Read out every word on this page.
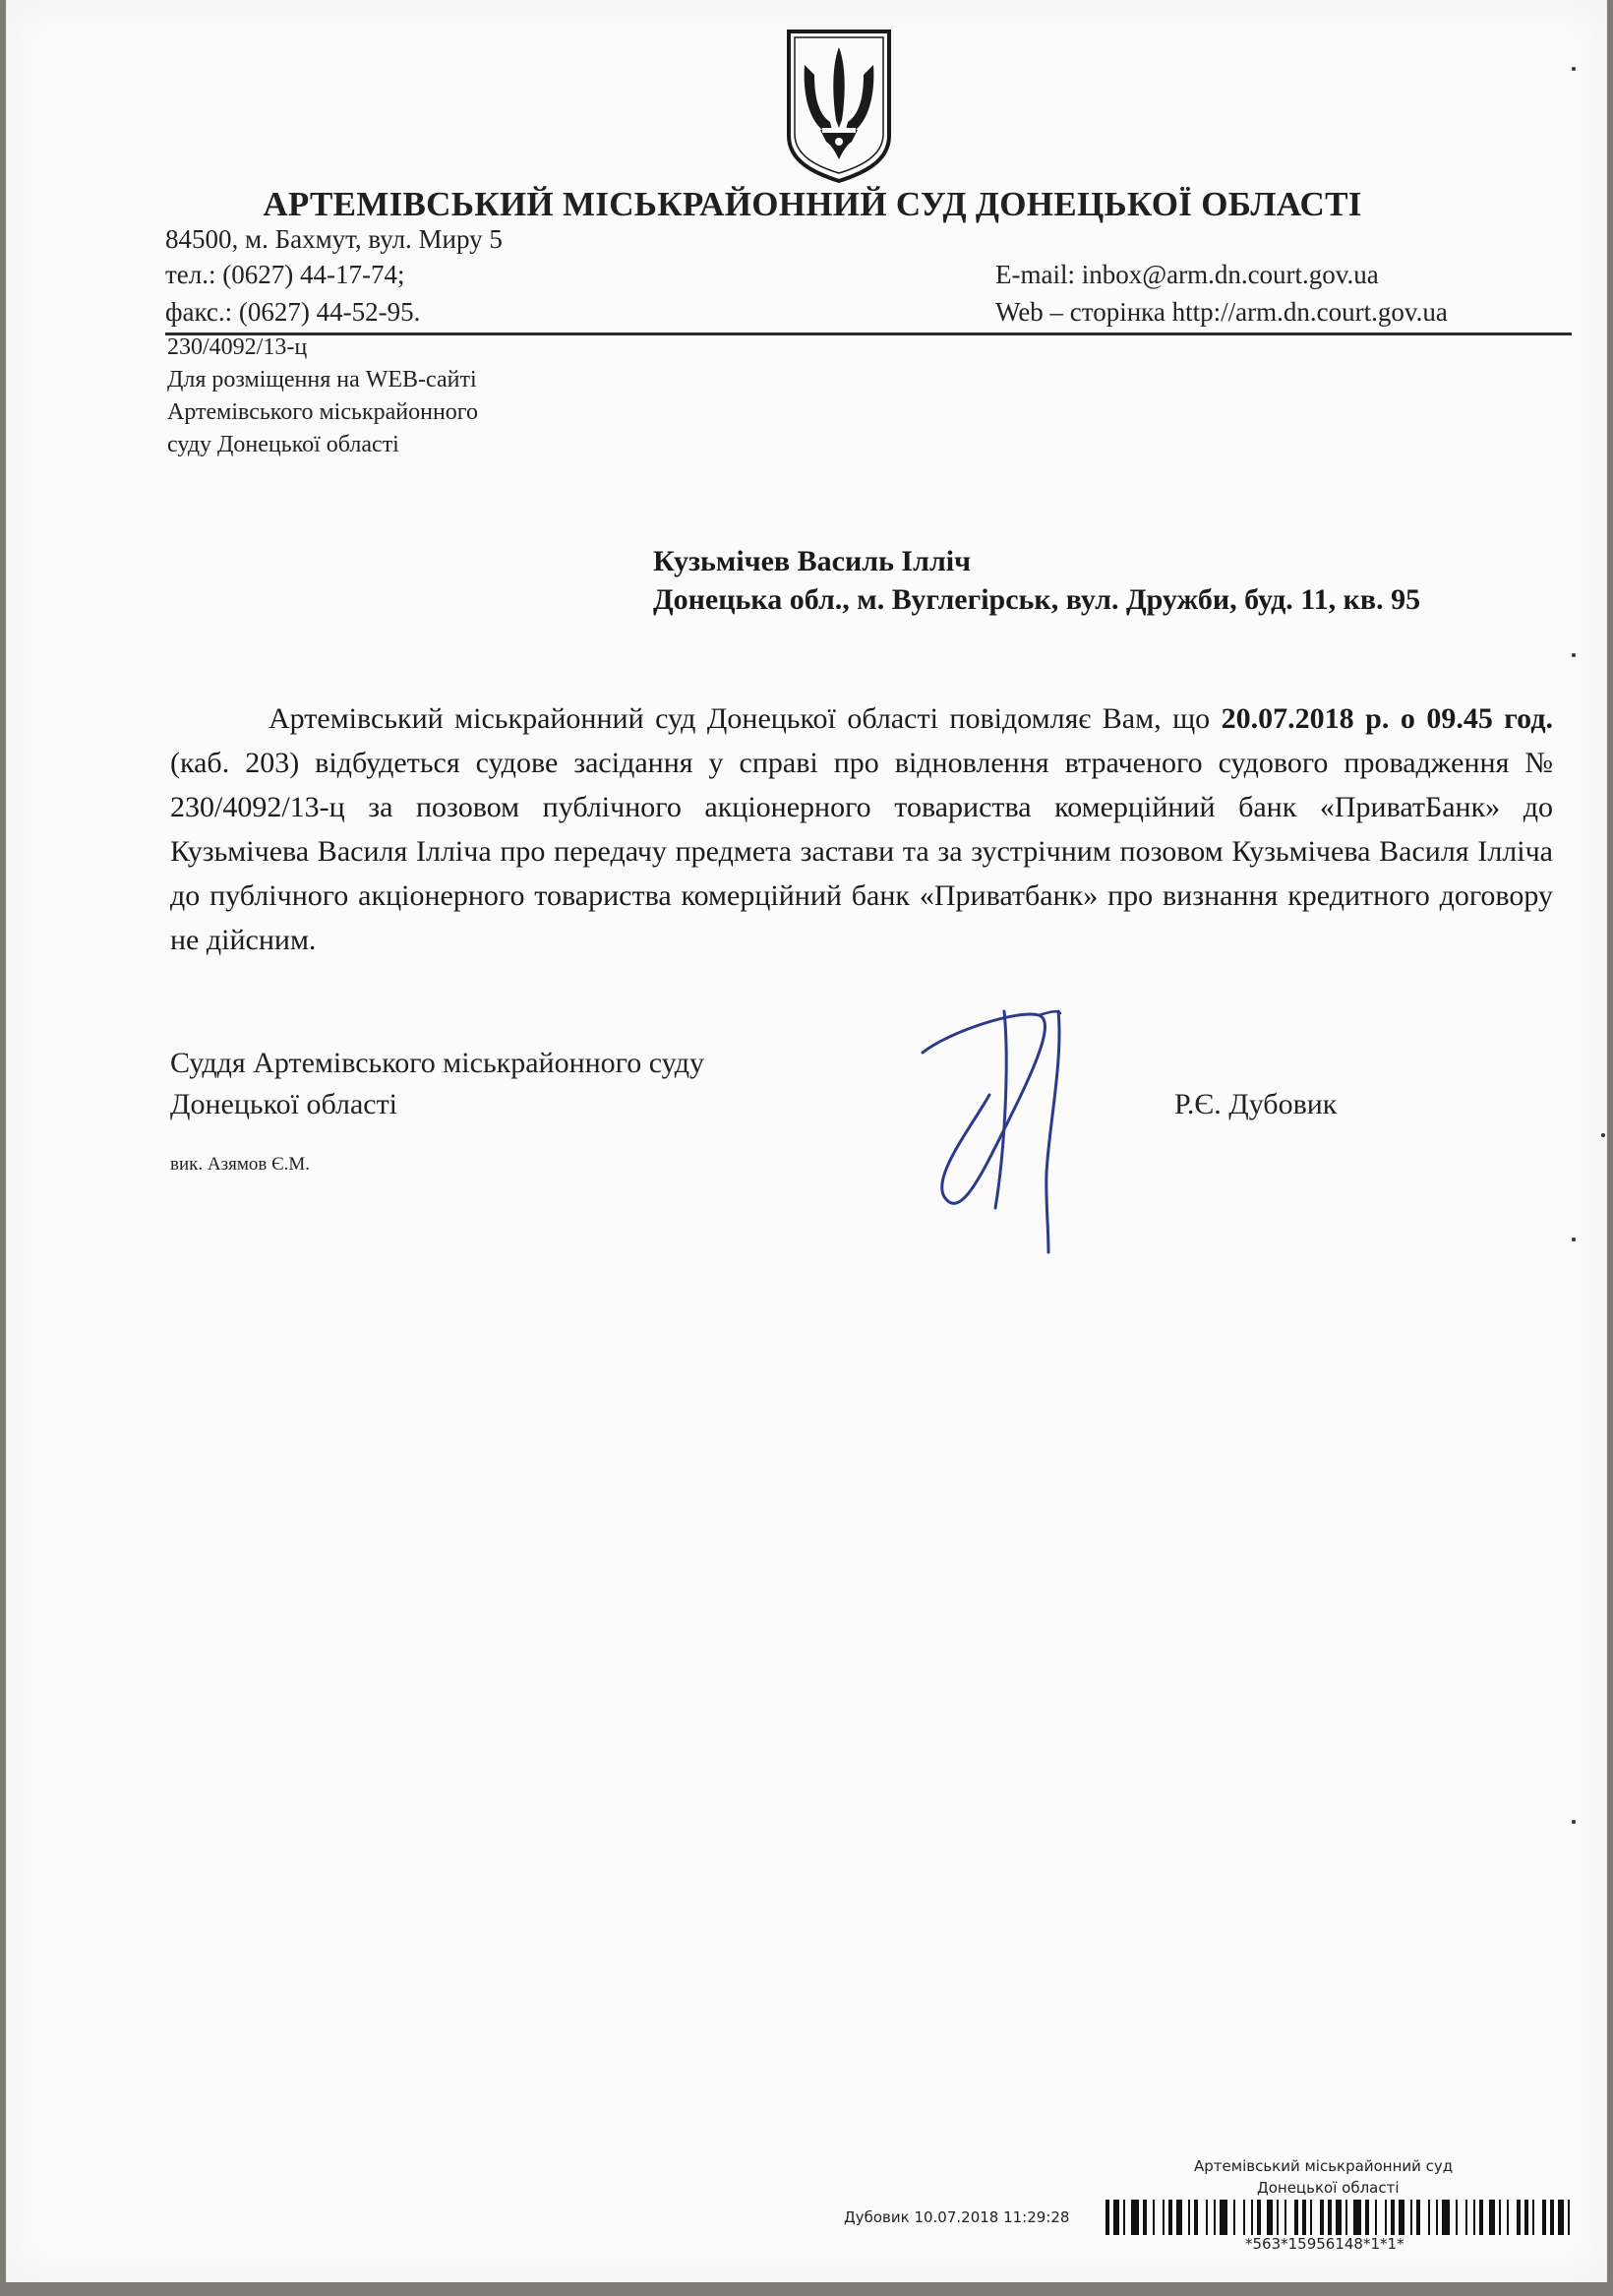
АРТЕМІВСЬКИЙ МІСЬКРАЙОННИЙ СУД ДОНЕЦЬКОЇ ОБЛАСТІ
84500, м. Бахмут, вул. Миру 5
тел.: (0627) 44-17-74;
факс.: (0627) 44-52-95.
E-mail: inbox@arm.dn.court.gov.ua
Web – сторінка http://arm.dn.court.gov.ua
230/4092/13-ц
Для розміщення на WEB-сайті
Артемівського міськрайонного
суду Донецької області
Кузьмічев Василь Ілліч
Донецька обл., м. Вуглегірськ, вул. Дружби, буд. 11, кв. 95
Артемівський міськрайонний суд Донецької області повідомляє Вам, що 20.07.2018 р. о 09.45 год. (каб. 203) відбудеться судове засідання у справі про відновлення втраченого судового провадження № 230/4092/13-ц за позовом публічного акціонерного товариства комерційний банк «ПриватБанк» до Кузьмічева Василя Ілліча про передачу предмета застави та за зустрічним позовом Кузьмічева Василя Ілліча до публічного акціонерного товариства комерційний банк «Приватбанк» про визнання кредитного договору не дійсним.
Суддя Артемівського міськрайонного суду
Донецької області	Р.Є. Дубовик
вик. Азямов Є.М.
Артемівський міськрайонний суд
Донецької області
Дубовик 10.07.2018 11:29:28
*563*15956148*1*1*
